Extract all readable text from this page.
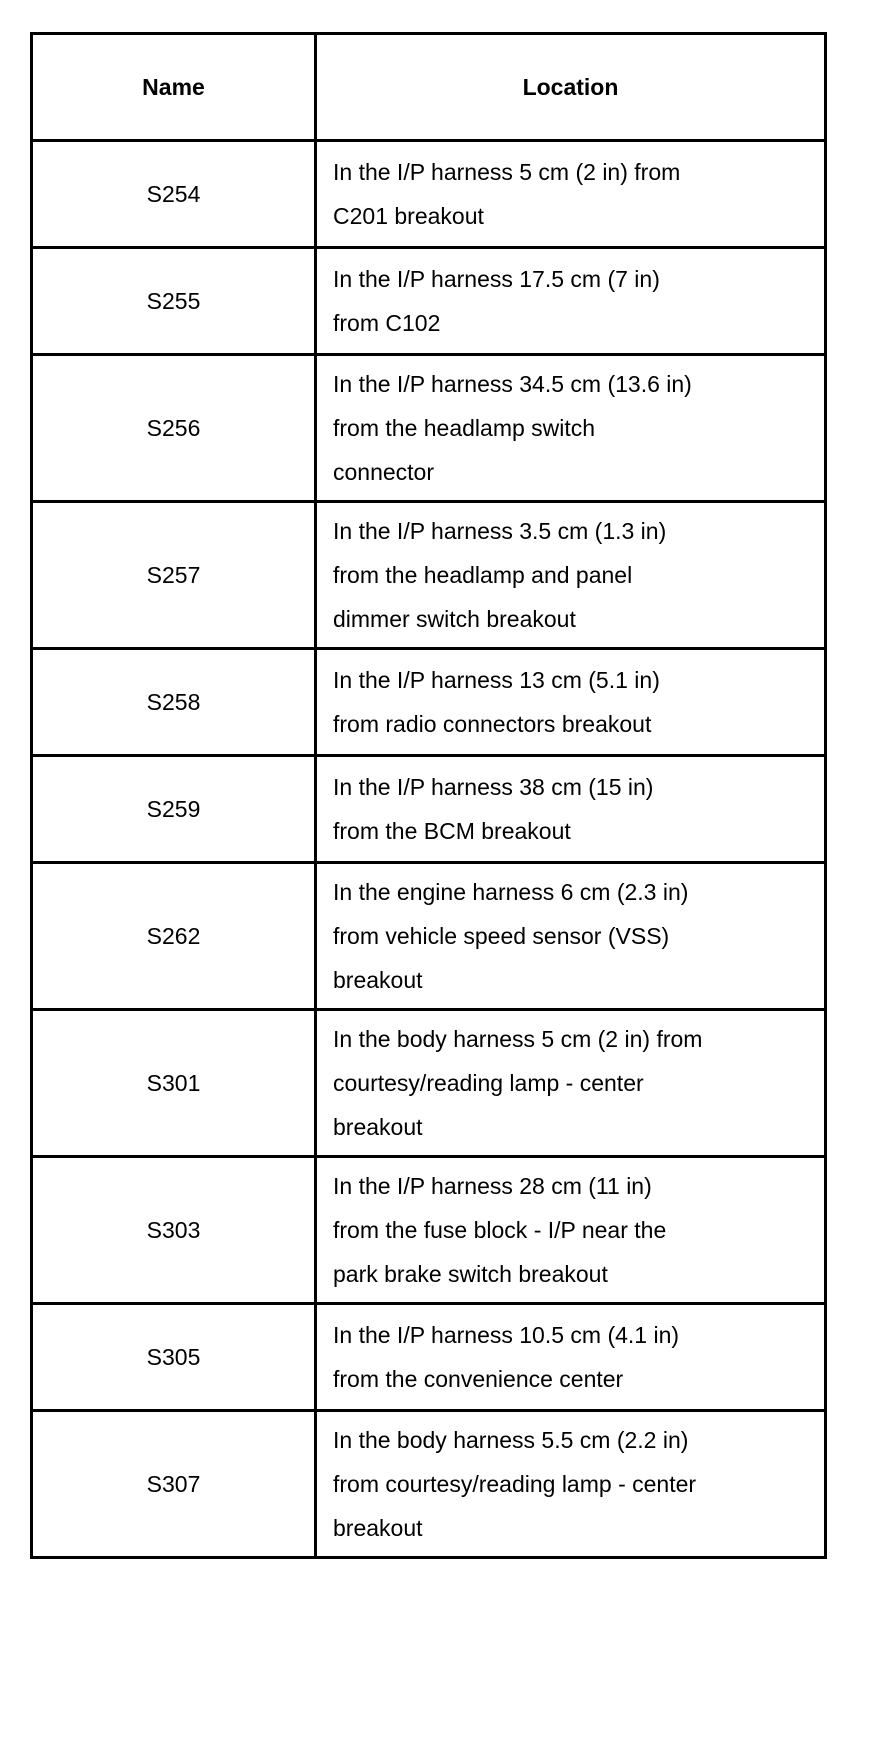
Name	Location
S254	In the I/P harness 5 cm (2 in) from
C201 breakout

S255	In the I/P harness 17.5 cm (7 in)
from C102

S256	In the I/P harness 34.5 cm (13.6 in)
from the headlamp switch
connector

S257	In the I/P harness 3.5 cm (1.3 in)
from the headlamp and panel
dimmer switch breakout

S258	In the I/P harness 13 cm (5.1 in)
from radio connectors breakout

S259	In the I/P harness 38 cm (15 in)
from the BCM breakout

S262	In the engine harness 6 cm (2.3 in)
from vehicle speed sensor (VSS)
breakout

S301	In the body harness 5 cm (2 in) from
courtesy/reading lamp - center
breakout

S303	In the I/P harness 28 cm (11 in)
from the fuse block - I/P near the
park brake switch breakout

S305	In the I/P harness 10.5 cm (4.1 in)
from the convenience center

S307	In the body harness 5.5 cm (2.2 in)
from courtesy/reading lamp - center
breakout
